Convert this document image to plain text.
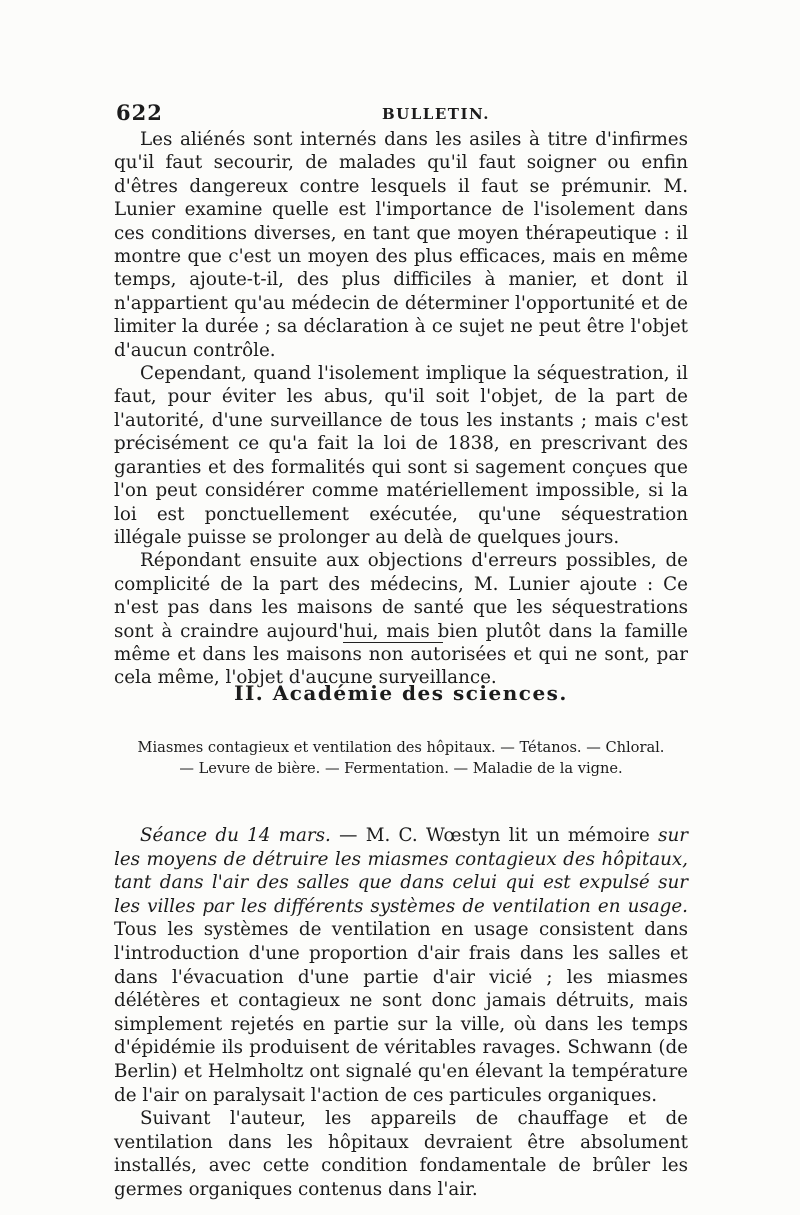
622	BULLETIN.

Les aliénés sont internés dans les asiles à titre d'infirmes qu'il faut secourir, de malades qu'il faut soigner ou enfin d'êtres dangereux contre lesquels il faut se prémunir. M. Lunier examine quelle est l'importance de l'isolement dans ces conditions diverses, en tant que moyen thérapeutique : il montre que c'est un moyen des plus efficaces, mais en même temps, ajoute-t-il, des plus difficiles à manier, et dont il n'appartient qu'au médecin de déterminer l'opportunité et de limiter la durée ; sa déclaration à ce sujet ne peut être l'objet d'aucun contrôle.

Cependant, quand l'isolement implique la séquestration, il faut, pour éviter les abus, qu'il soit l'objet, de la part de l'autorité, d'une surveillance de tous les instants ; mais c'est précisément ce qu'a fait la loi de 1838, en prescrivant des garanties et des formalités qui sont si sagement conçues que l'on peut considérer comme matériellement impossible, si la loi est ponctuellement exécutée, qu'une séquestration illégale puisse se prolonger au delà de quelques jours.

Répondant ensuite aux objections d'erreurs possibles, de complicité de la part des médecins, M. Lunier ajoute : Ce n'est pas dans les maisons de santé que les séquestrations sont à craindre aujourd'hui, mais bien plutôt dans la famille même et dans les maisons non autorisées et qui ne sont, par cela même, l'objet d'aucune surveillance.

II. Académie des sciences.
Miasmes contagieux et ventilation des hôpitaux. — Tétanos. — Chloral. — Levure de bière. — Fermentation. — Maladie de la vigne.

Séance du 14 mars. — M. C. Wœstyn lit un mémoire sur les moyens de détruire les miasmes contagieux des hôpitaux, tant dans l'air des salles que dans celui qui est expulsé sur les villes par les différents systèmes de ventilation en usage. Tous les systèmes de ventilation en usage consistent dans l'introduction d'une proportion d'air frais dans les salles et dans l'évacuation d'une partie d'air vicié ; les miasmes délétères et contagieux ne sont donc jamais détruits, mais simplement rejetés en partie sur la ville, où dans les temps d'épidémie ils produisent de véritables ravages. Schwann (de Berlin) et Helmholtz ont signalé qu'en élevant la température de l'air on paralysait l'action de ces particules organiques.

Suivant l'auteur, les appareils de chauffage et de ventilation dans les hôpitaux devraient être absolument installés, avec cette condition fondamentale de brûler les germes organiques contenus dans l'air.
